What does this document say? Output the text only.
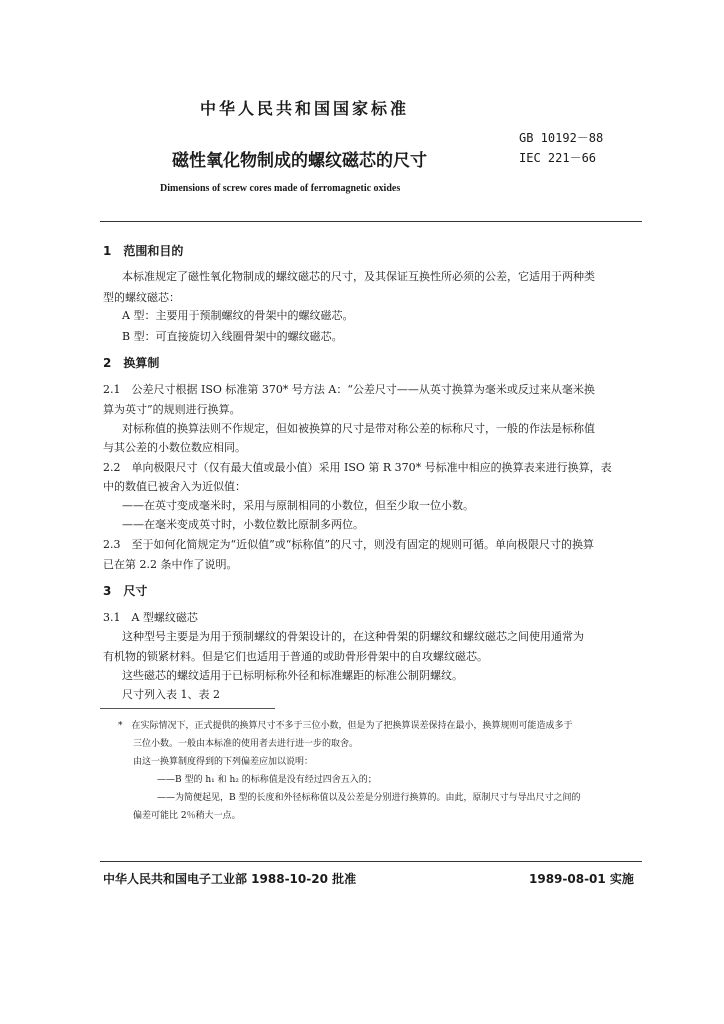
中华人民共和国国家标准
GB 10192－88
IEC 221－66
磁性氧化物制成的螺纹磁芯的尺寸
Dimensions of screw cores made of ferromagnetic oxides
1　范围和目的
本标准规定了磁性氧化物制成的螺纹磁芯的尺寸，及其保证互换性所必须的公差，它适用于两种类
型的螺纹磁芯：
A 型：主要用于预制螺纹的骨架中的螺纹磁芯。
B 型：可直接旋切入线圈骨架中的螺纹磁芯。
2　换算制
2.1　公差尺寸根据 ISO 标准第 370* 号方法 A：“公差尺寸——从英寸换算为毫米或反过来从毫米换
算为英寸”的规则进行换算。
对标称值的换算法则不作规定，但如被换算的尺寸是带对称公差的标称尺寸，一般的作法是标称值
与其公差的小数位数应相同。
2.2　单向极限尺寸（仅有最大值或最小值）采用 ISO 第 R 370* 号标准中相应的换算表来进行换算，表
中的数值已被舍入为近似值：
——在英寸变成毫米时，采用与原制相同的小数位，但至少取一位小数。
——在毫米变成英寸时，小数位数比原制多两位。
2.3　至于如何化简规定为“近似值”或“标称值”的尺寸，则没有固定的规则可循。单向极限尺寸的换算
已在第 2.2 条中作了说明。
3　尺寸
3.1　A 型螺纹磁芯
这种型号主要是为用于预制螺纹的骨架设计的，在这种骨架的阴螺纹和螺纹磁芯之间使用通常为
有机物的锁紧材料。但是它们也适用于普通的或助骨形骨架中的自攻螺纹磁芯。
这些磁芯的螺纹适用于已标明标称外径和标准螺距的标准公制阴螺纹。
尺寸列入表 1、表 2
*　在实际情况下，正式提供的换算尺寸不多于三位小数，但是为了把换算误差保持在最小，换算规则可能造成多于
三位小数。一般由本标准的使用者去进行进一步的取舍。
由这一换算制度得到的下列偏差应加以说明：
——B 型的 h₁ 和 h₂ 的标称值是没有经过四舍五入的；
——为简便起见，B 型的长度和外径标称值以及公差是分别进行换算的。由此，原制尺寸与导出尺寸之间的
偏差可能比 2％稍大一点。
中华人民共和国电子工业部 1988-10-20 批准	1989-08-01 实施
